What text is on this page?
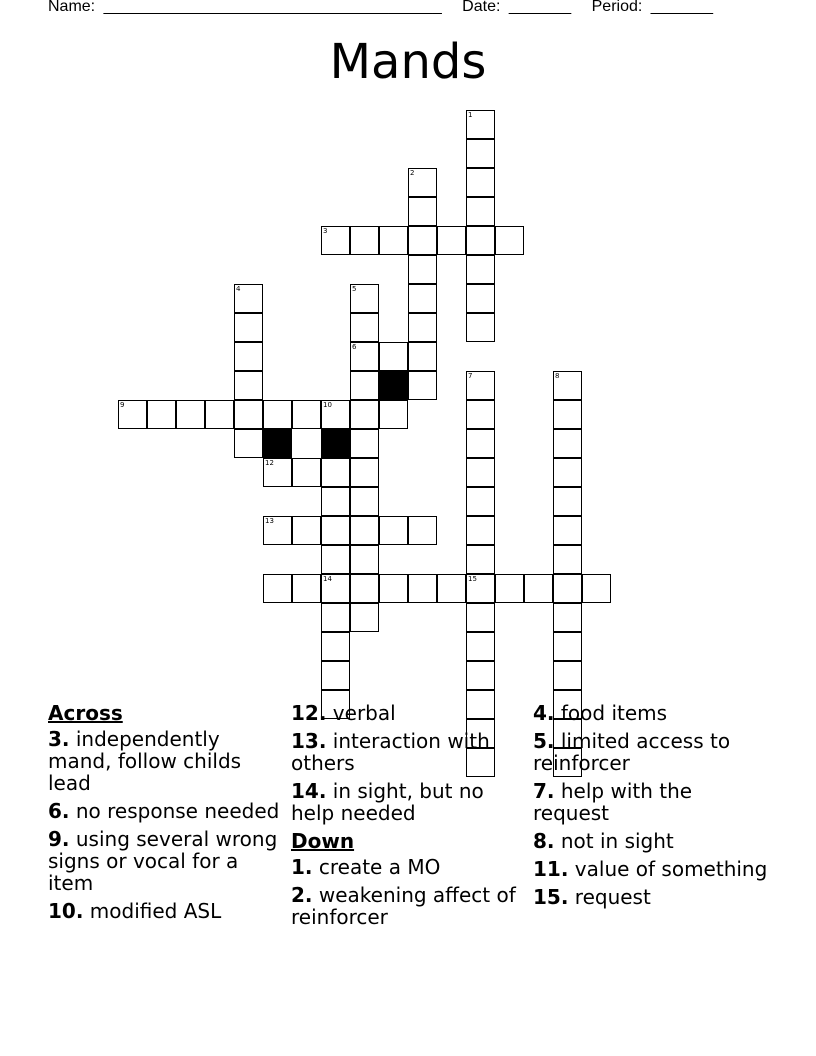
Name: ______________________________________ Date: _______ Period: _______
Mands
1
2
3
4	5
6
7
15
8
9	10
14
12
13
Across
3. independently mand, follow childs lead
6. no response needed
9. using several wrong signs or vocal for a item
10. modified ASL
12. verbal
13. interaction with others
14. in sight, but no help needed
Down
1. create a MO
2. weakening affect of reinforcer
4. food items
5. limited access to reinforcer
7. help with the request
8. not in sight
11. value of something
15. request
